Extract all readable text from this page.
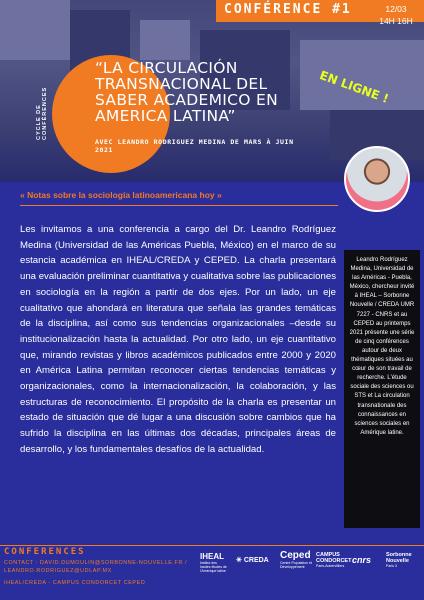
CONFÉRENCE #1	12/03
14H 16H
CYCLE DE CONFÉRENCES
“LA CIRCULACIÓN TRANSNACIONAL DEL SABER ACADEMICO EN AMERICA LATINA”
AVEC LEANDRO RODRIGUEZ MEDINA DE MARS À JUIN 2021
EN LIGNE !
« Notas sobre la sociología latinoamericana hoy »
Les invitamos a una conferencia a cargo del Dr. Leandro Rodríguez Medina (Universidad de las Américas Puebla, México) en el marco de su estancia académica en IHEAL/CREDA y CEPED. La charla presentará una evaluación preliminar cuantitativa y cualitativa sobre las publicaciones en sociología en la región a partir de dos ejes. Por un lado, un eje cualitativo que ahondará en literatura que señala las grandes temáticas de la disciplina, así como sus tendencias organizacionales –desde su institucionalización hasta la actualidad. Por otro lado, un eje cuantitativo que, mirando revistas y libros académicos publicados entre 2000 y 2020 en América Latina permitan reconocer ciertas tendencias temáticas y organizacionales, como la internacionalización, la colaboración, y las estructuras de reconocimiento. El propósito de la charla es presentar un estado de situación que dé lugar a una discusión sobre cambios que ha sufrido la disciplina en las últimas dos décadas, principales áreas de desarrollo, y los fundamentales desafíos de la actualidad.
Leandro Rodríguez Medina, Universidad de las Américas - Puebla, México, chercheur invité à IHEAL – Sorbonne Nouvelle / CREDA UMR 7227 - CNRS et au CEPED au printemps 2021 présente une série de cinq conférences autour de deux thématiques situées au cœur de son travail de recherche. L'étude sociale des sciences ou STS et La circulation transnationale des connaissances en sciences sociales en Amérique latine.
CONFERENCES
CONTACT : DAVID.DUMOULIN@SORBONNE-NOUVELLE.FR / LEANDRO.RODRIGUEZ@UDLAP.MX
IHEAL/CREDA - CAMPUS CONDORCET CEPED
IHEAL
Institut des hautes études de l'Amérique latine
✳ CREDA Ceped
Centre Population et Développement
CAMPUS CONDORCET
Paris-Aubervilliers
cnrs	Sorbonne Nouvelle
Paris 3
